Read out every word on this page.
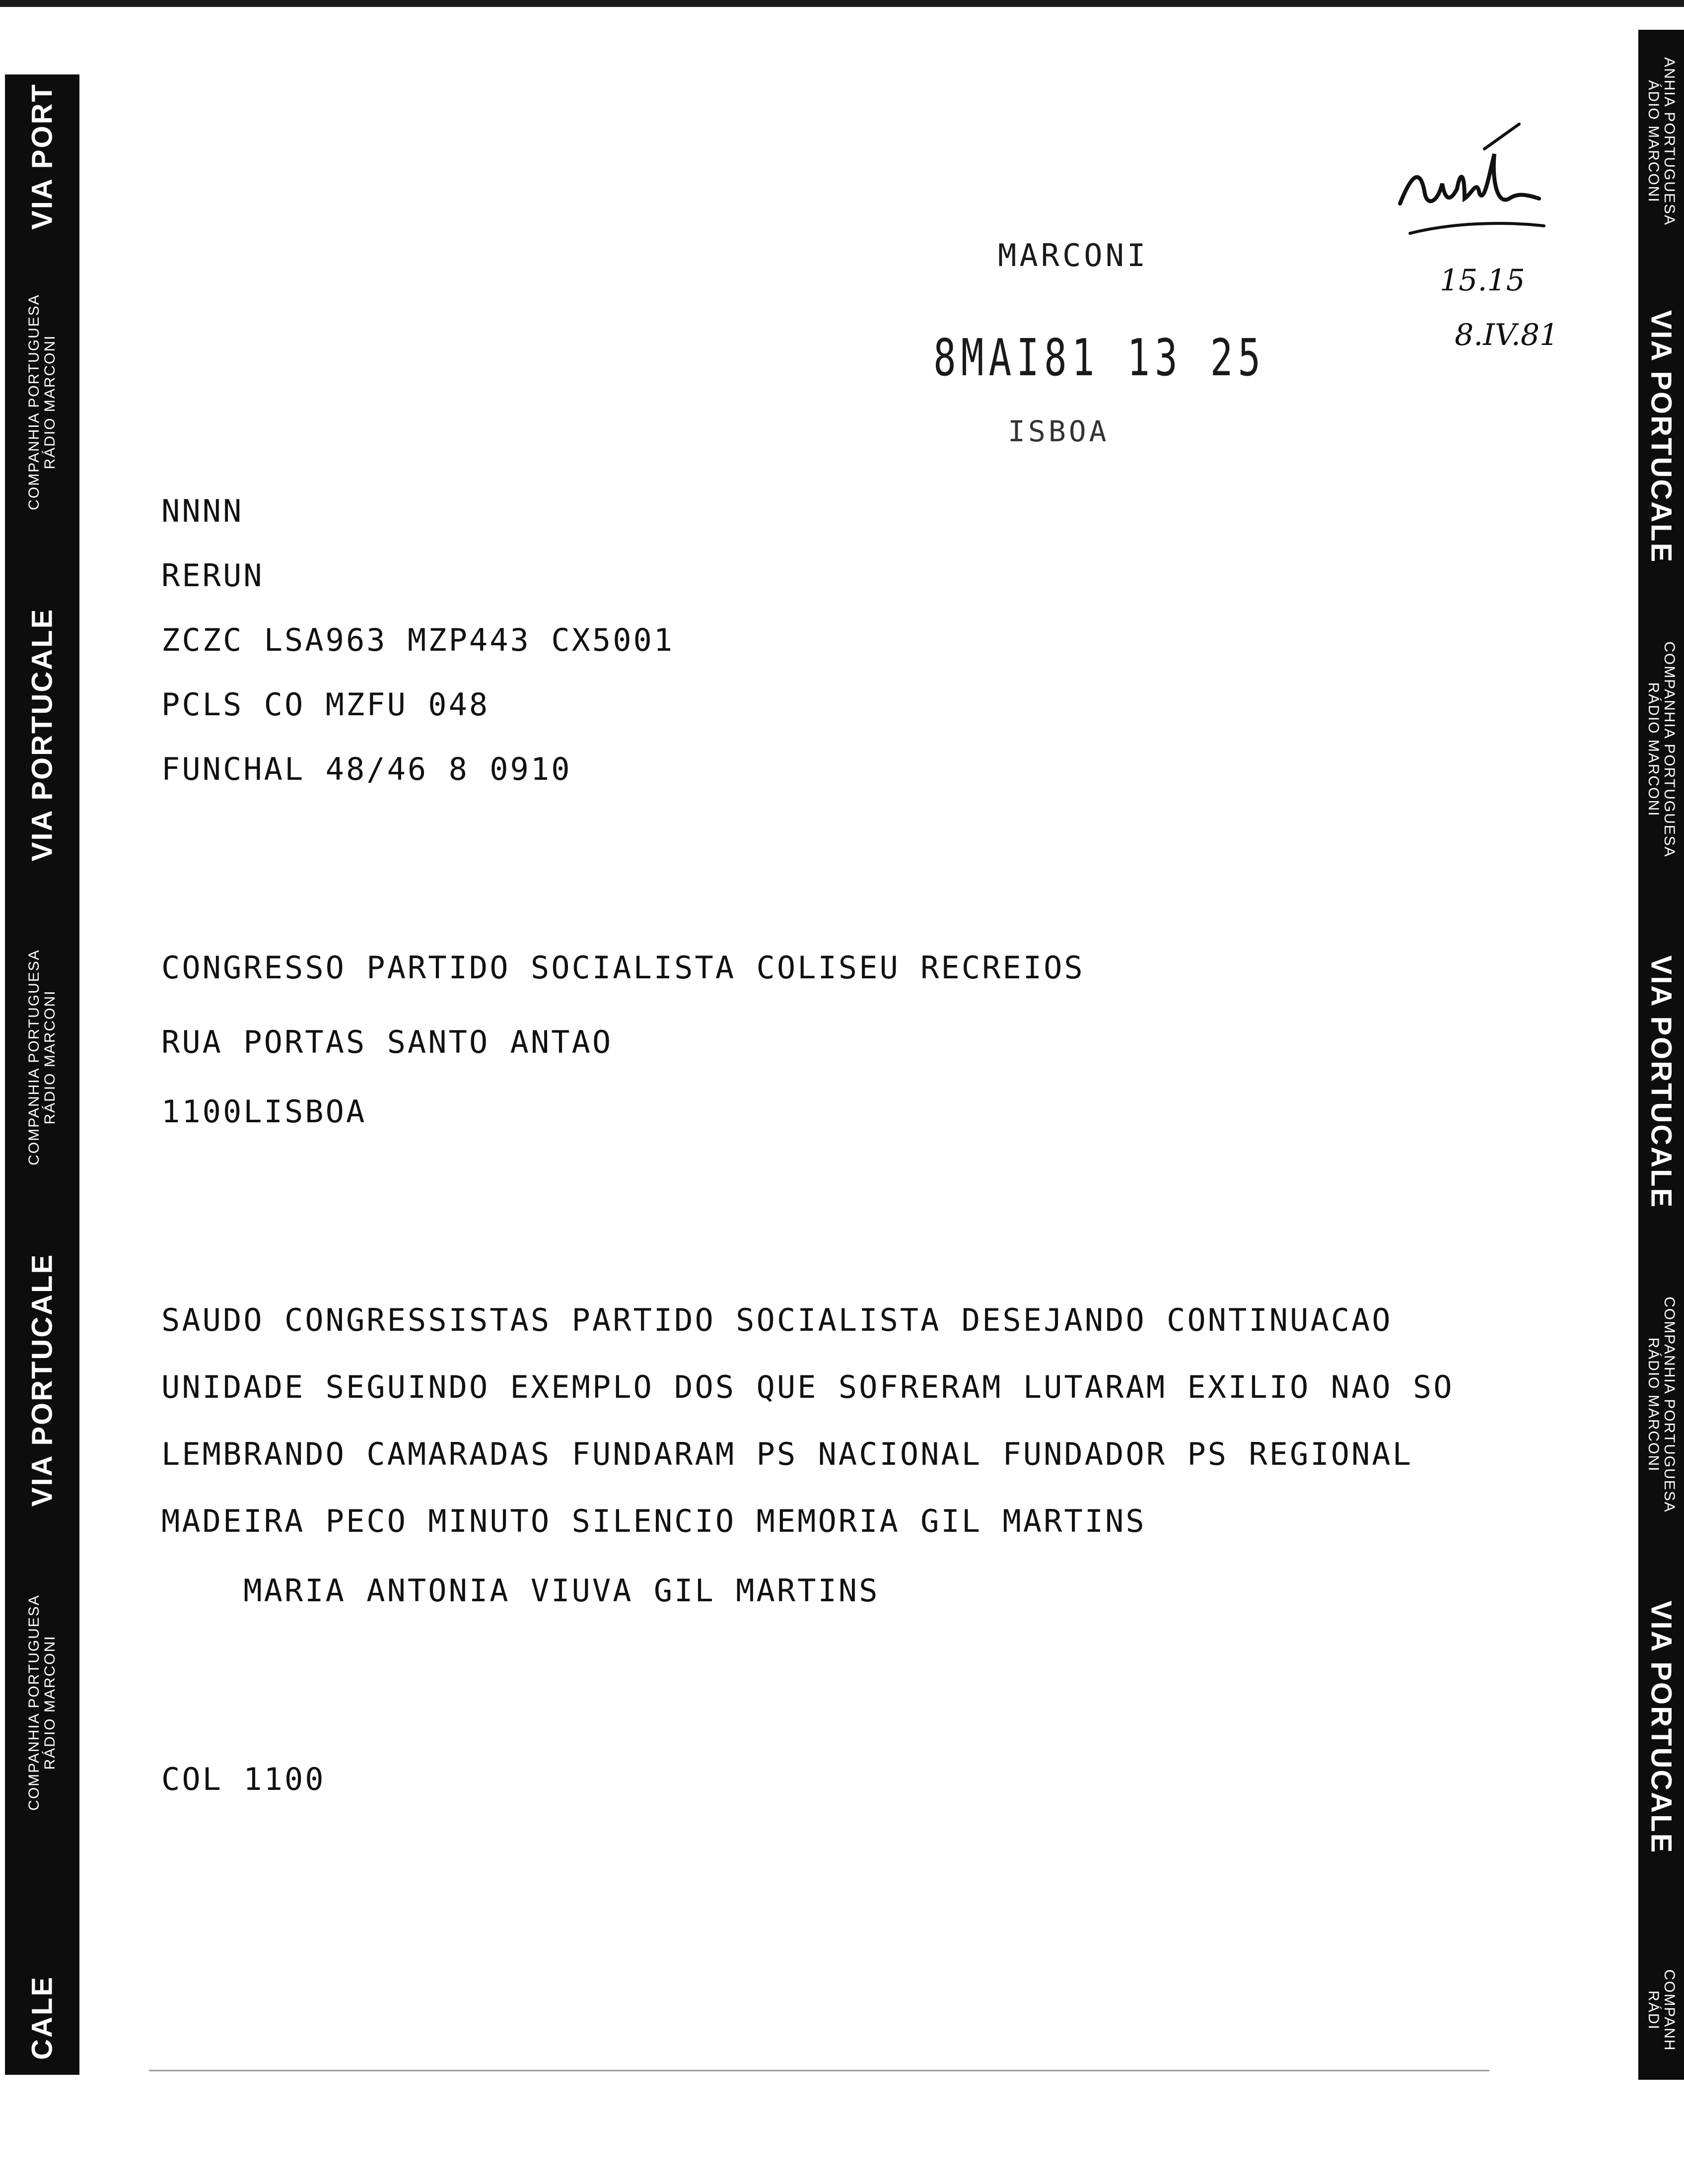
VIA PORT
COMPANHIA PORTUGUESA RÁDIO MARCONI
VIA PORTUCALE
COMPANHIA PORTUGUESA RÁDIO MARCONI
VIA PORTUCALE
COMPANHIA PORTUGUESA RÁDIO MARCONI
CALE
ANHIA PORTUGUESA
ÁDIO MARCONI
VIA PORTUCALE
COMPANHIA PORTUGUESA
RÁDIO MARCONI
VIA PORTUCALE
COMPANHIA PORTUGUESA
RÁDIO MARCONI
VIA PORTUCALE
COMPANH
RÁDI
MARCONI
8MAI81 13 25
ISBOA
15.15
8.IV.81
NNNN
RERUN
ZCZC LSA963 MZP443 CX5001
PCLS CO MZFU 048
FUNCHAL 48/46 8 0910
CONGRESSO PARTIDO SOCIALISTA COLISEU RECREIOS
RUA PORTAS SANTO ANTAO
1100LISBOA
SAUDO CONGRESSISTAS PARTIDO SOCIALISTA DESEJANDO CONTINUACAO
UNIDADE SEGUINDO EXEMPLO DOS QUE SOFRERAM LUTARAM EXILIO NAO SO
LEMBRANDO CAMARADAS FUNDARAM PS NACIONAL FUNDADOR PS REGIONAL
MADEIRA PECO MINUTO SILENCIO MEMORIA GIL MARTINS
MARIA ANTONIA VIUVA GIL MARTINS
COL 1100
